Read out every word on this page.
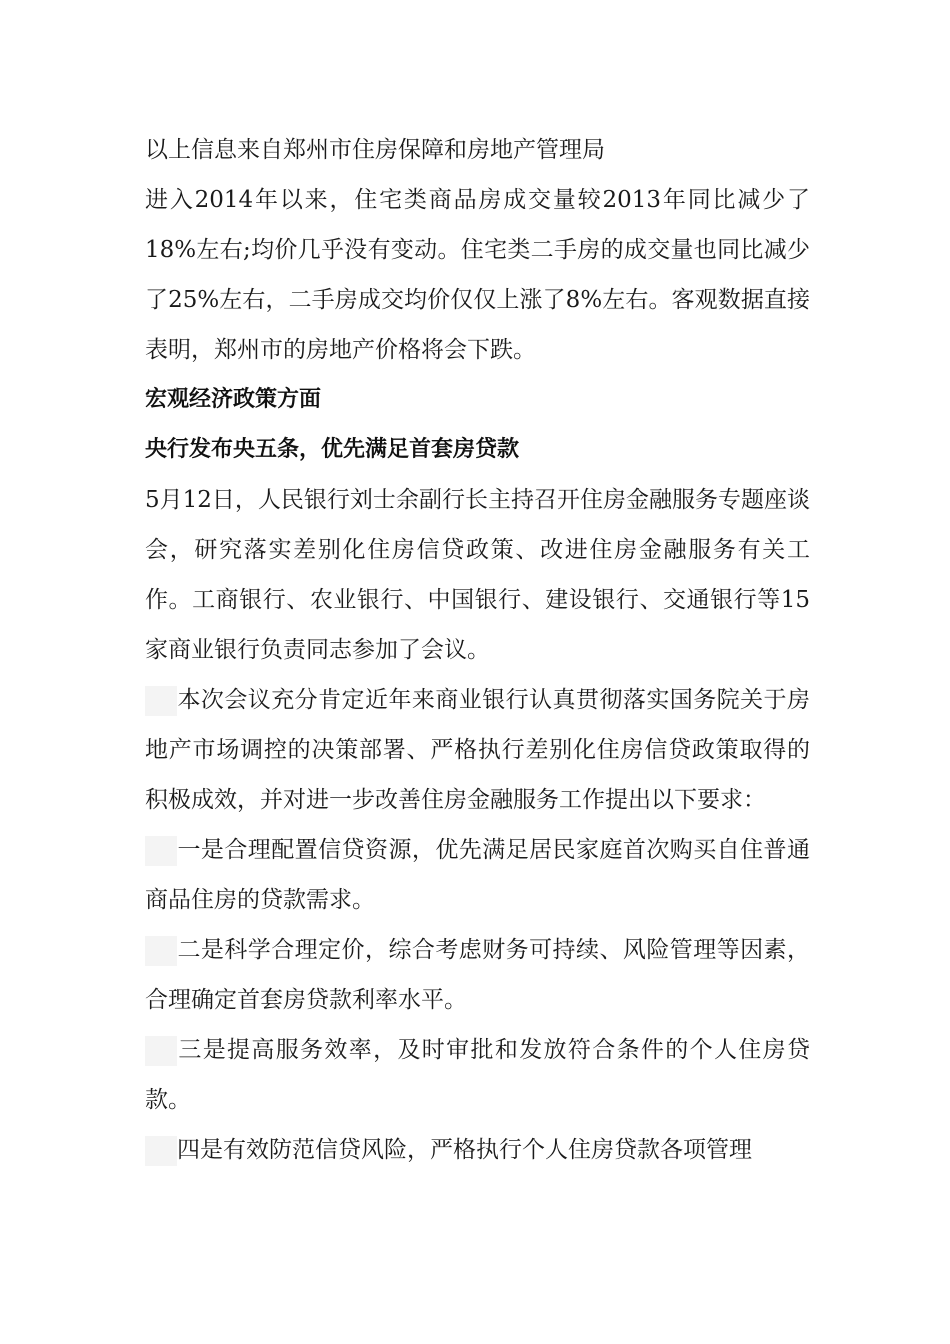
以上信息来自郑州市住房保障和房地产管理局

进入2014年以来，住宅类商品房成交量较2013年同比减少了18%左右;均价几乎没有变动。住宅类二手房的成交量也同比减少了25%左右，二手房成交均价仅仅上涨了8%左右。客观数据直接表明，郑州市的房地产价格将会下跌。

宏观经济政策方面

央行发布央五条，优先满足首套房贷款

5月12日，人民银行刘士余副行长主持召开住房金融服务专题座谈会，研究落实差别化住房信贷政策、改进住房金融服务有关工作。工商银行、农业银行、中国银行、建设银行、交通银行等15家商业银行负责同志参加了会议。

本次会议充分肯定近年来商业银行认真贯彻落实国务院关于房地产市场调控的决策部署、严格执行差别化住房信贷政策取得的积极成效，并对进一步改善住房金融服务工作提出以下要求：

一是合理配置信贷资源，优先满足居民家庭首次购买自住普通商品住房的贷款需求。

二是科学合理定价，综合考虑财务可持续、风险管理等因素，合理确定首套房贷款利率水平。

三是提高服务效率，及时审批和发放符合条件的个人住房贷款。

四是有效防范信贷风险，严格执行个人住房贷款各项管理
